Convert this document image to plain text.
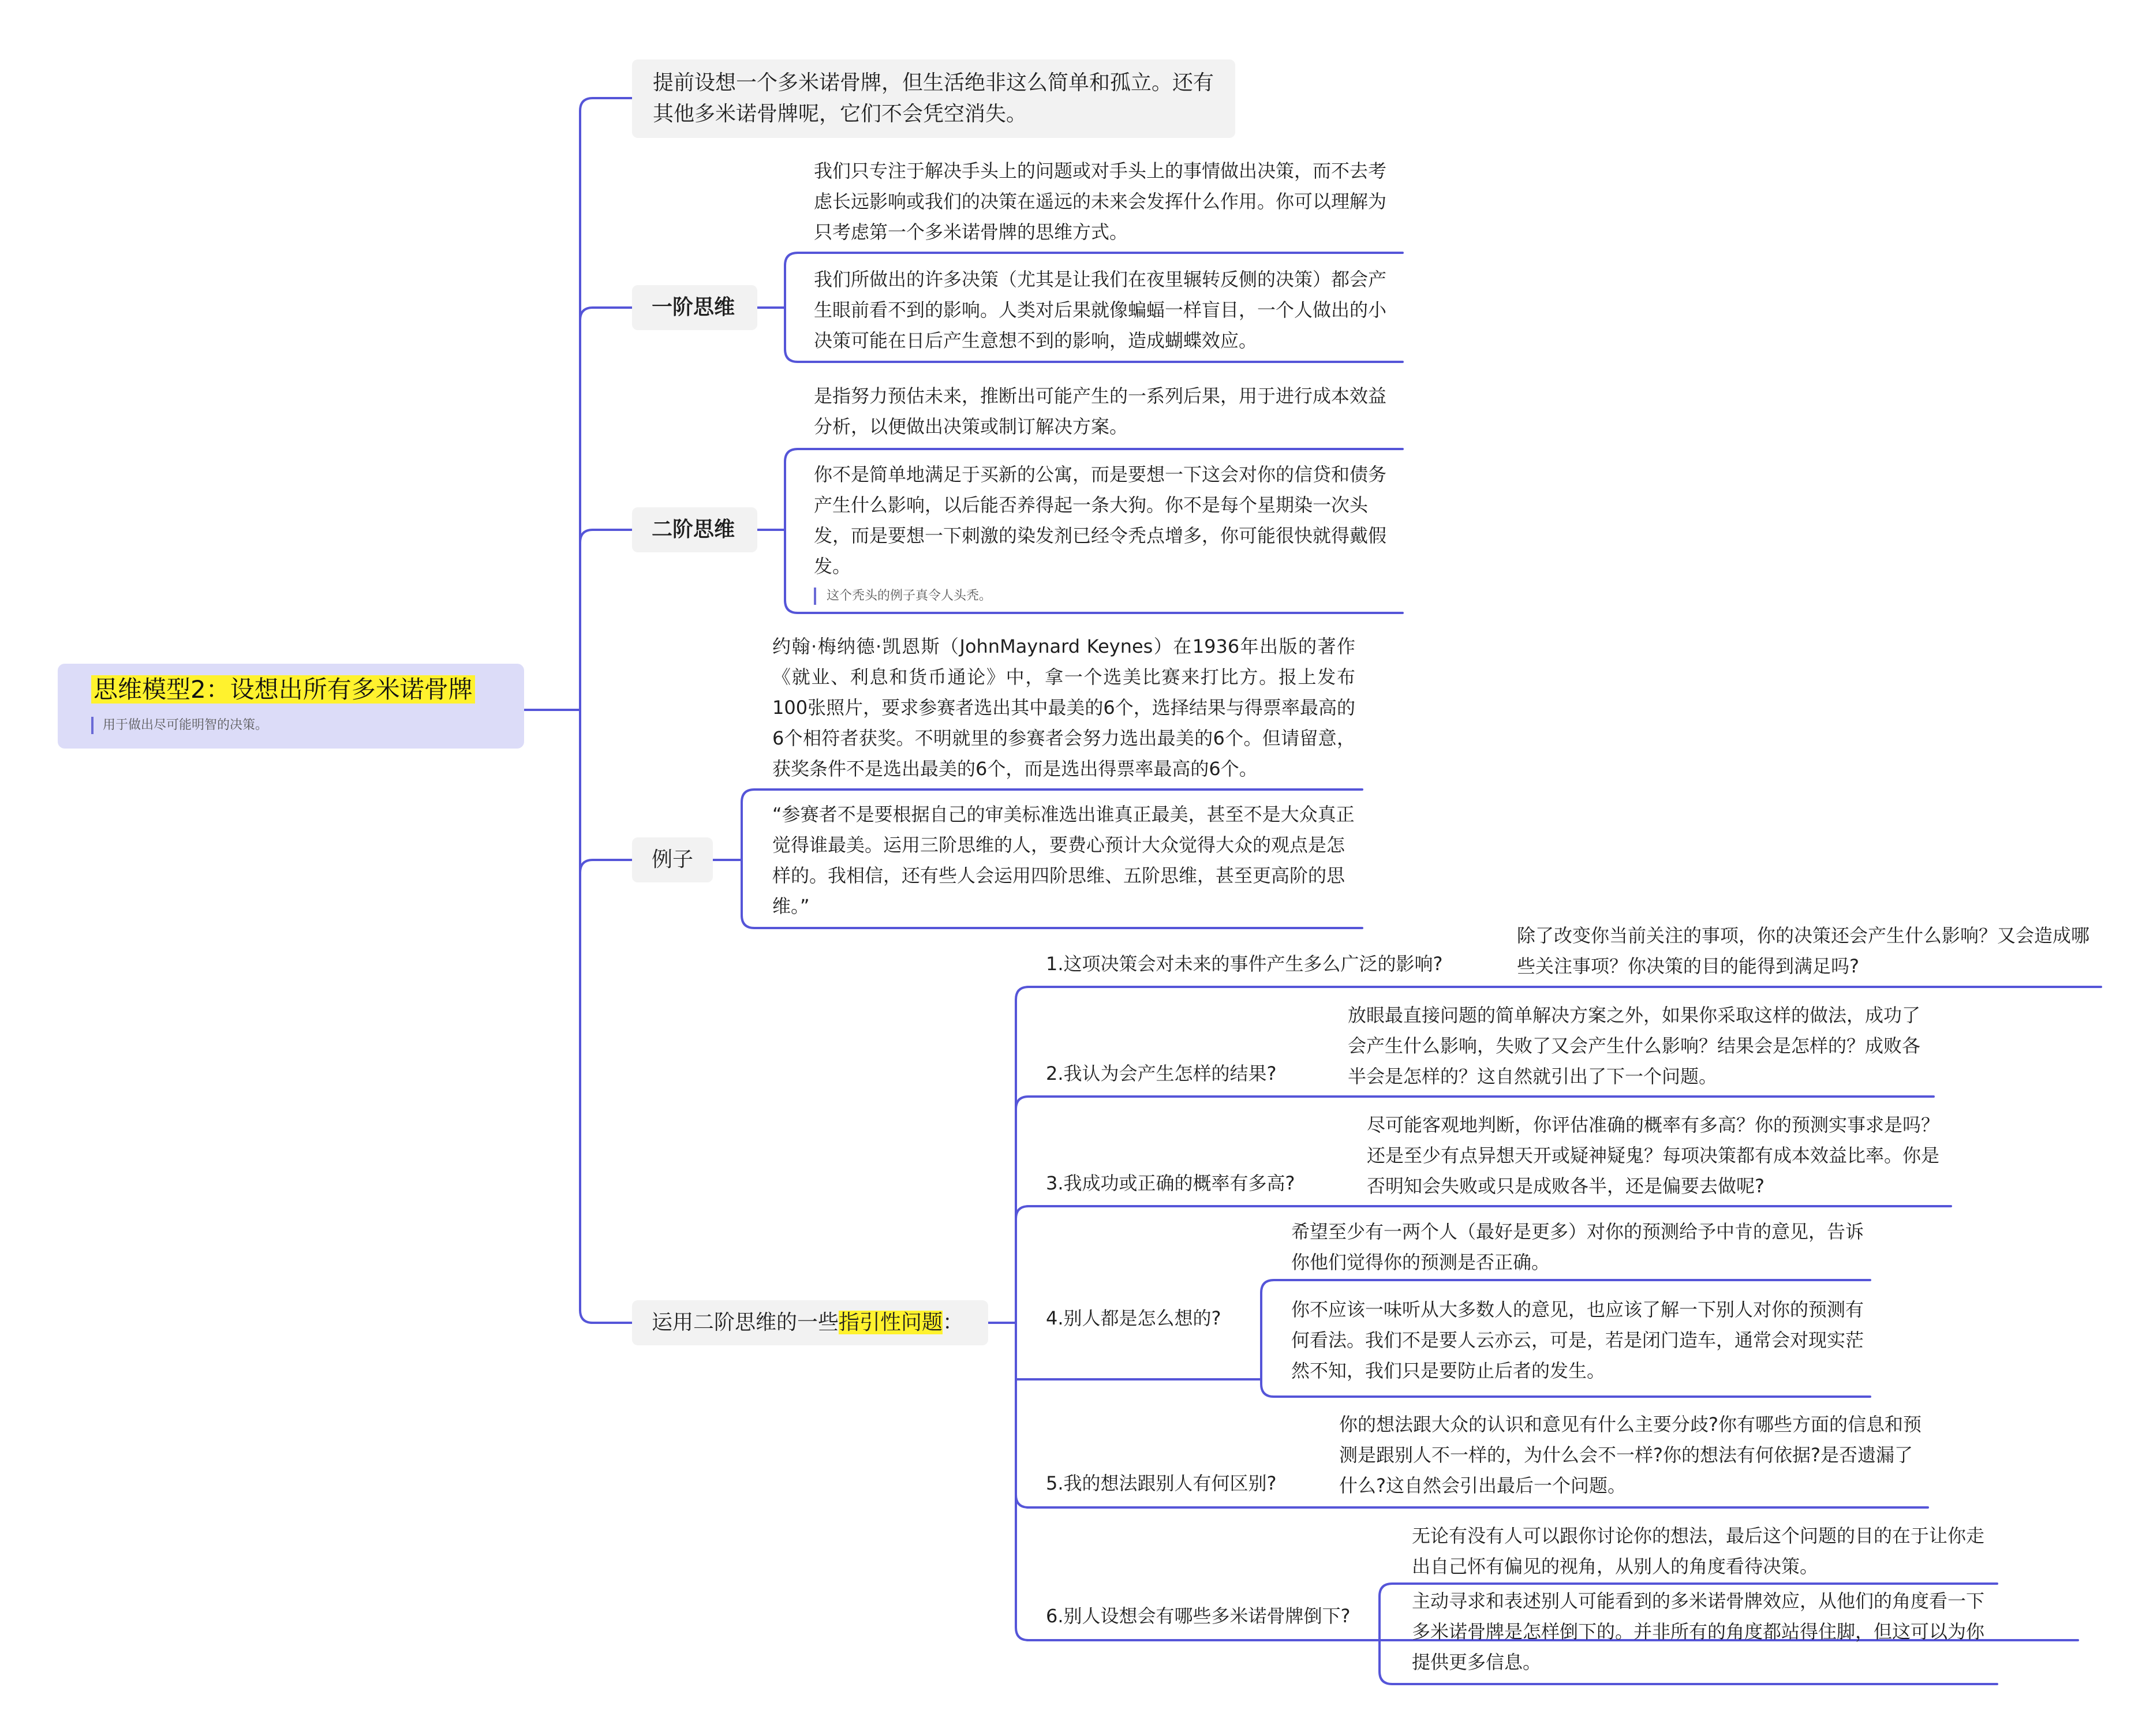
思维模型2：设想出所有多米诺骨牌
用于做出尽可能明智的决策。
提前设想一个多米诺骨牌，但生活绝非这么简单和孤立。还有其他多米诺骨牌呢，它们不会凭空消失。
一阶思维
我们只专注于解决手头上的问题或对手头上的事情做出决策，而不去考虑长远影响或我们的决策在遥远的未来会发挥什么作用。你可以理解为只考虑第一个多米诺骨牌的思维方式。
我们所做出的许多决策（尤其是让我们在夜里辗转反侧的决策）都会产生眼前看不到的影响。人类对后果就像蝙蝠一样盲目，一个人做出的小决策可能在日后产生意想不到的影响，造成蝴蝶效应。
二阶思维
是指努力预估未来，推断出可能产生的一系列后果，用于进行成本效益分析，以便做出决策或制订解决方案。
你不是简单地满足于买新的公寓，而是要想一下这会对你的信贷和债务产生什么影响，以后能否养得起一条大狗。你不是每个星期染一次头发，而是要想一下刺激的染发剂已经令秃点增多，你可能很快就得戴假发。
这个秃头的例子真令人头秃。
例子
约翰·梅纳德·凯恩斯（JohnMaynard Keynes）在1936年出版的著作《就业、利息和货币通论》中，拿一个选美比赛来打比方。报上发布100张照片，要求参赛者选出其中最美的6个，选择结果与得票率最高的6个相符者获奖。不明就里的参赛者会努力选出最美的6个。但请留意，获奖条件不是选出最美的6个，而是选出得票率最高的6个。
“参赛者不是要根据自己的审美标准选出谁真正最美，甚至不是大众真正觉得谁最美。运用三阶思维的人，要费心预计大众觉得大众的观点是怎样的。我相信，还有些人会运用四阶思维、五阶思维，甚至更高阶的思维。”
运用二阶思维的一些指引性问题：
1.这项决策会对未来的事件产生多么广泛的影响?
除了改变你当前关注的事项，你的决策还会产生什么影响？又会造成哪些关注事项？你决策的目的能得到满足吗?
2.我认为会产生怎样的结果?
放眼最直接问题的简单解决方案之外，如果你采取这样的做法，成功了会产生什么影响，失败了又会产生什么影响？结果会是怎样的？成败各半会是怎样的？这自然就引出了下一个问题。
3.我成功或正确的概率有多高?
尽可能客观地判断，你评估准确的概率有多高？你的预测实事求是吗？还是至少有点异想天开或疑神疑鬼？每项决策都有成本效益比率。你是否明知会失败或只是成败各半，还是偏要去做呢?
4.别人都是怎么想的?
希望至少有一两个人（最好是更多）对你的预测给予中肯的意见，告诉你他们觉得你的预测是否正确。
你不应该一味听从大多数人的意见，也应该了解一下别人对你的预测有何看法。我们不是要人云亦云，可是，若是闭门造车，通常会对现实茫然不知，我们只是要防止后者的发生。
5.我的想法跟别人有何区别?
你的想法跟大众的认识和意见有什么主要分歧?你有哪些方面的信息和预测是跟别人不一样的，为什么会不一样?你的想法有何依据?是否遗漏了什么?这自然会引出最后一个问题。
6.别人设想会有哪些多米诺骨牌倒下?
无论有没有人可以跟你讨论你的想法，最后这个问题的目的在于让你走出自己怀有偏见的视角，从别人的角度看待决策。
主动寻求和表述别人可能看到的多米诺骨牌效应，从他们的角度看一下多米诺骨牌是怎样倒下的。并非所有的角度都站得住脚，但这可以为你提供更多信息。
